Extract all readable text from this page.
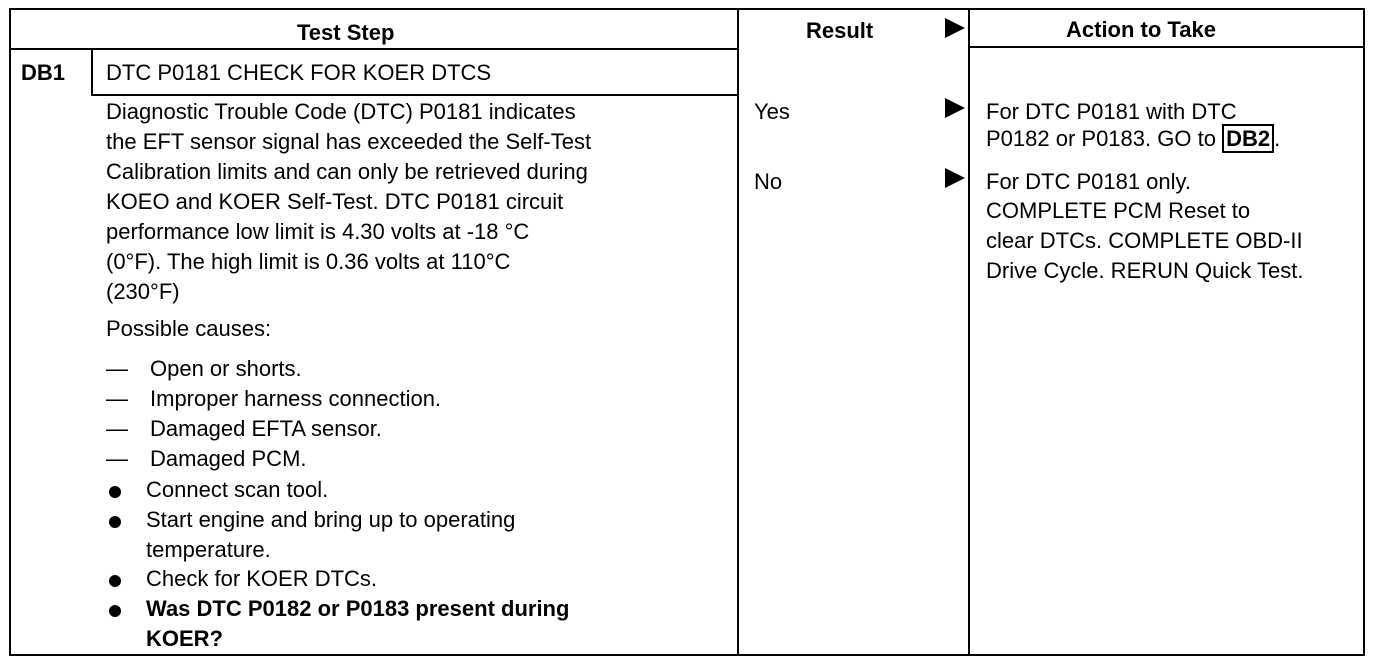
Test Step	Result	Action to Take
DB1 DTC P0181 CHECK FOR KOER DTCS
Diagnostic Trouble Code (DTC) P0181 indicates
the EFT sensor signal has exceeded the Self-Test
Calibration limits and can only be retrieved during
KOEO and KOER Self-Test. DTC P0181 circuit
performance low limit is 4.30 volts at -18 °C
(0°F). The high limit is 0.36 volts at 110°C
(230°F)
Possible causes:
— Open or shorts.
— Improper harness connection.
— Damaged EFTA sensor.
— Damaged PCM.
Connect scan tool.
Start engine and bring up to operating
temperature.
Check for KOER DTCs.
Was DTC P0182 or P0183 present during
KOER?
Yes	For DTC P0181 with DTC
P0182 or P0183. GO to DB2 .
No	For DTC P0181 only.
COMPLETE PCM Reset to
clear DTCs. COMPLETE OBD-II
Drive Cycle. RERUN Quick Test.
